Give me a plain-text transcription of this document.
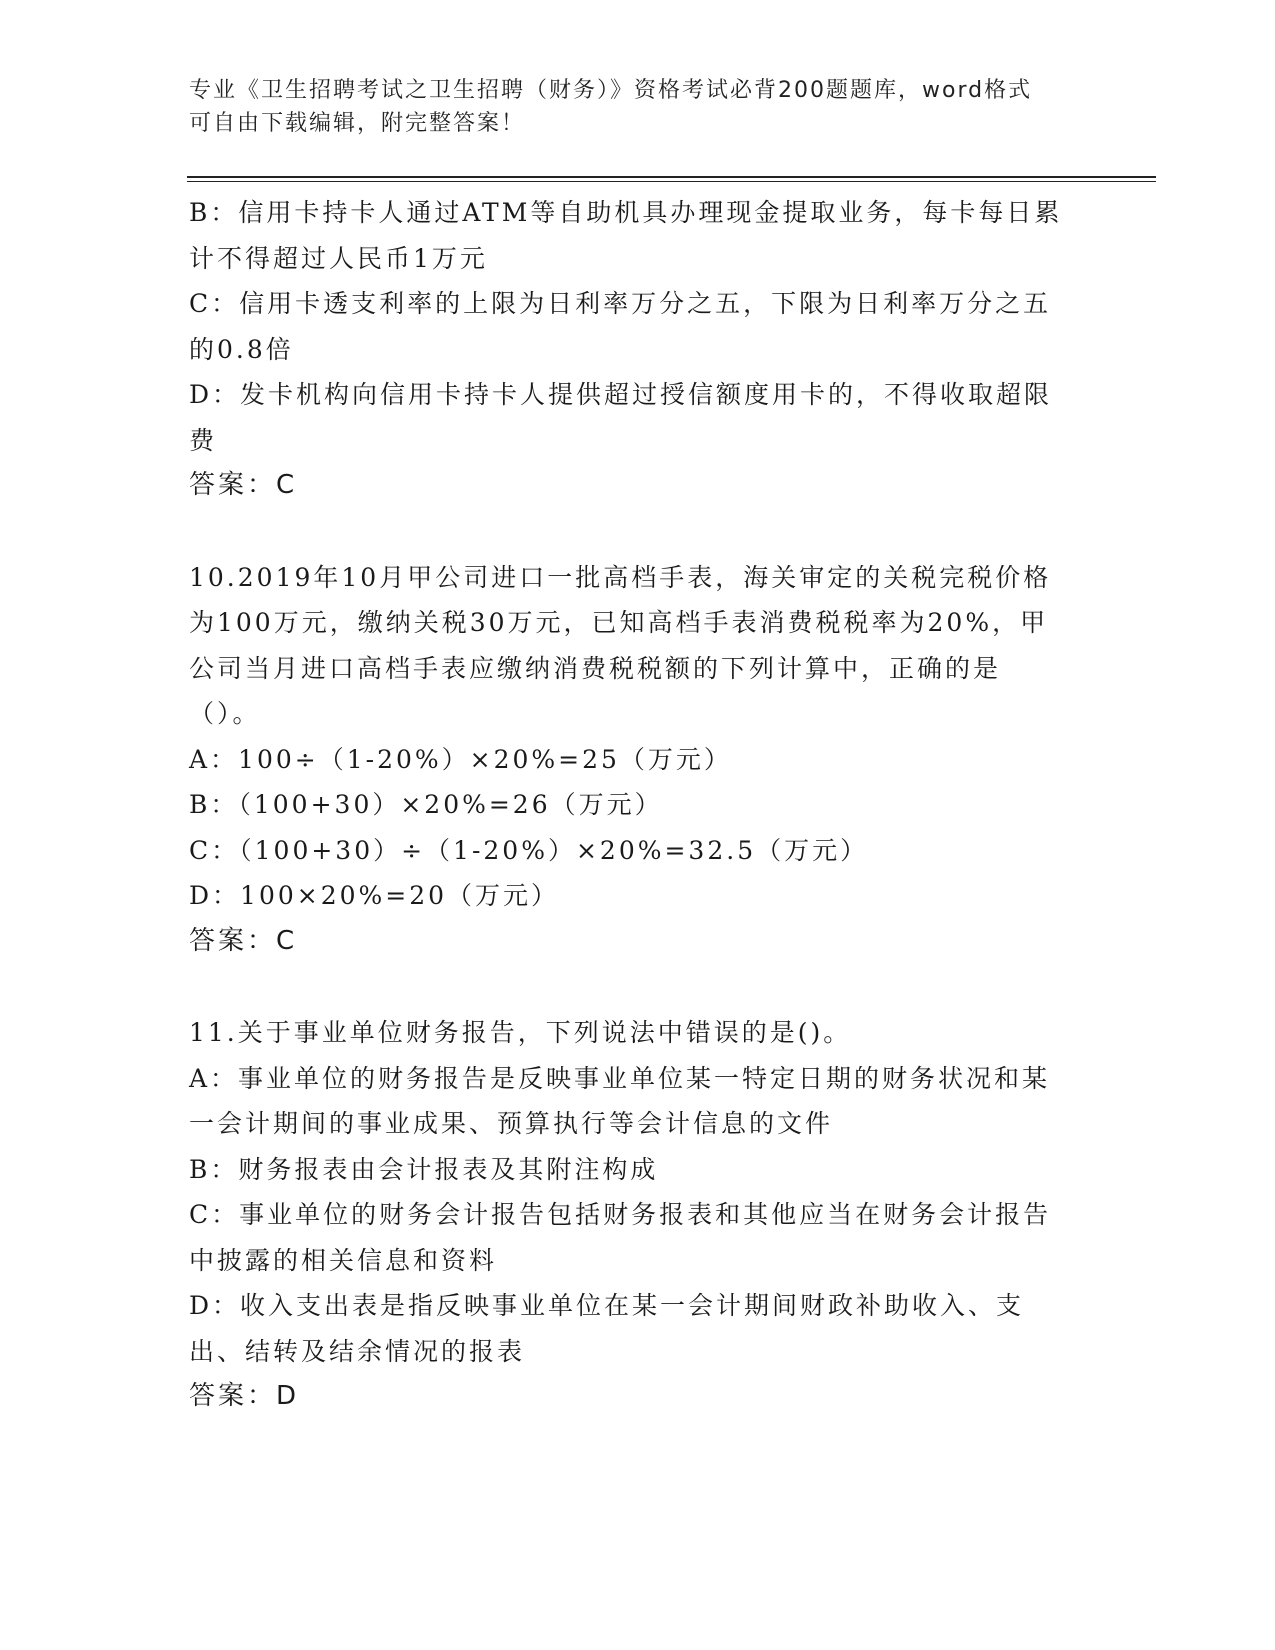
专业《卫生招聘考试之卫生招聘（财务）》资格考试必背200题题库，word格式
可自由下载编辑，附完整答案！

B：信用卡持卡人通过ATM等自助机具办理现金提取业务，每卡每日累计不得超过人民币1万元

C：信用卡透支利率的上限为日利率万分之五，下限为日利率万分之五的0.8倍

D：发卡机构向信用卡持卡人提供超过授信额度用卡的，不得收取超限费

答案：C

10.2019年10月甲公司进口一批高档手表，海关审定的关税完税价格为100万元，缴纳关税30万元，已知高档手表消费税税率为20%，甲公司当月进口高档手表应缴纳消费税税额的下列计算中，正确的是（）。

A：100÷（1-20%）×20%=25（万元）

B：（100+30）×20%=26（万元）

C：（100+30）÷（1-20%）×20%=32.5（万元）

D：100×20%=20（万元）

答案：C

11.关于事业单位财务报告，下列说法中错误的是()。

A：事业单位的财务报告是反映事业单位某一特定日期的财务状况和某一会计期间的事业成果、预算执行等会计信息的文件

B：财务报表由会计报表及其附注构成

C：事业单位的财务会计报告包括财务报表和其他应当在财务会计报告中披露的相关信息和资料

D：收入支出表是指反映事业单位在某一会计期间财政补助收入、支出、结转及结余情况的报表

答案：D
